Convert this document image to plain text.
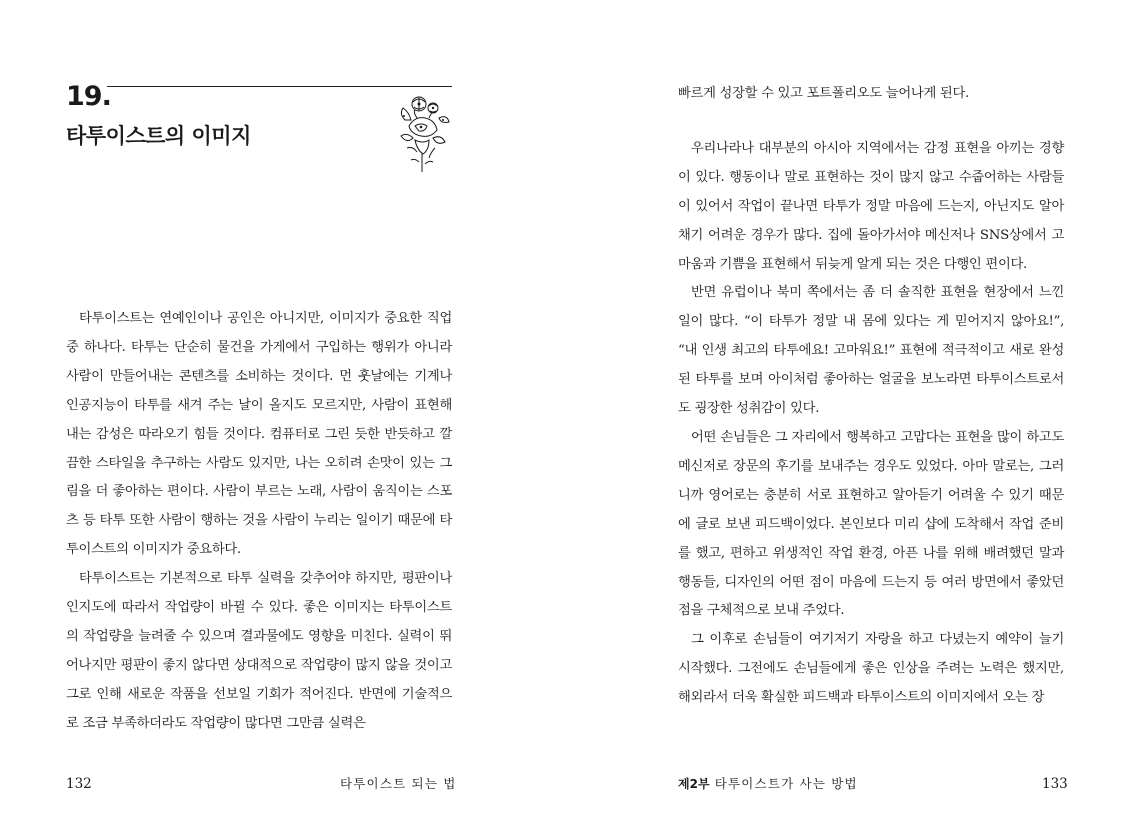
19.
타투이스트의 이미지

타투이스트는 연예인이나 공인은 아니지만, 이미지가 중요한 직업 중 하나다. 타투는 단순히 물건을 가게에서 구입하는 행위가 아니라 사람이 만들어내는 콘텐츠를 소비하는 것이다. 먼 훗날에는 기계나 인공지능이 타투를 새겨 주는 날이 올지도 모르지만, 사람이 표현해내는 감성은 따라오기 힘들 것이다. 컴퓨터로 그린 듯한 반듯하고 깔끔한 스타일을 추구하는 사람도 있지만, 나는 오히려 손맛이 있는 그림을 더 좋아하는 편이다. 사람이 부르는 노래, 사람이 움직이는 스포츠 등 타투 또한 사람이 행하는 것을 사람이 누리는 일이기 때문에 타투이스트의 이미지가 중요하다.

타투이스트는 기본적으로 타투 실력을 갖추어야 하지만, 평판이나 인지도에 따라서 작업량이 바뀔 수 있다. 좋은 이미지는 타투이스트의 작업량을 늘려줄 수 있으며 결과물에도 영향을 미친다. 실력이 뛰어나지만 평판이 좋지 않다면 상대적으로 작업량이 많지 않을 것이고 그로 인해 새로운 작품을 선보일 기회가 적어진다. 반면에 기술적으로 조금 부족하더라도 작업량이 많다면 그만큼 실력은

132	타투이스트 되는 법

빠르게 성장할 수 있고 포트폴리오도 늘어나게 된다.

우리나라나 대부분의 아시아 지역에서는 감정 표현을 아끼는 경향이 있다. 행동이나 말로 표현하는 것이 많지 않고 수줍어하는 사람들이 있어서 작업이 끝나면 타투가 정말 마음에 드는지, 아닌지도 알아채기 어려운 경우가 많다. 집에 돌아가서야 메신저나 SNS상에서 고마움과 기쁨을 표현해서 뒤늦게 알게 되는 것은 다행인 편이다.

반면 유럽이나 북미 쪽에서는 좀 더 솔직한 표현을 현장에서 느낀 일이 많다. “이 타투가 정말 내 몸에 있다는 게 믿어지지 않아요!”, “내 인생 최고의 타투에요! 고마워요!” 표현에 적극적이고 새로 완성된 타투를 보며 아이처럼 좋아하는 얼굴을 보노라면 타투이스트로서도 굉장한 성취감이 있다.

어떤 손님들은 그 자리에서 행복하고 고맙다는 표현을 많이 하고도 메신저로 장문의 후기를 보내주는 경우도 있었다. 아마 말로는, 그러니까 영어로는 충분히 서로 표현하고 알아듣기 어려울 수 있기 때문에 글로 보낸 피드백이었다. 본인보다 미리 샵에 도착해서 작업 준비를 했고, 편하고 위생적인 작업 환경, 아픈 나를 위해 배려했던 말과 행동들, 디자인의 어떤 점이 마음에 드는지 등 여러 방면에서 좋았던 점을 구체적으로 보내 주었다.

그 이후로 손님들이 여기저기 자랑을 하고 다녔는지 예약이 늘기 시작했다. 그전에도 손님들에게 좋은 인상을 주려는 노력은 했지만, 해외라서 더욱 확실한 피드백과 타투이스트의 이미지에서 오는 장

제2부 타투이스트가 사는 방법	133
